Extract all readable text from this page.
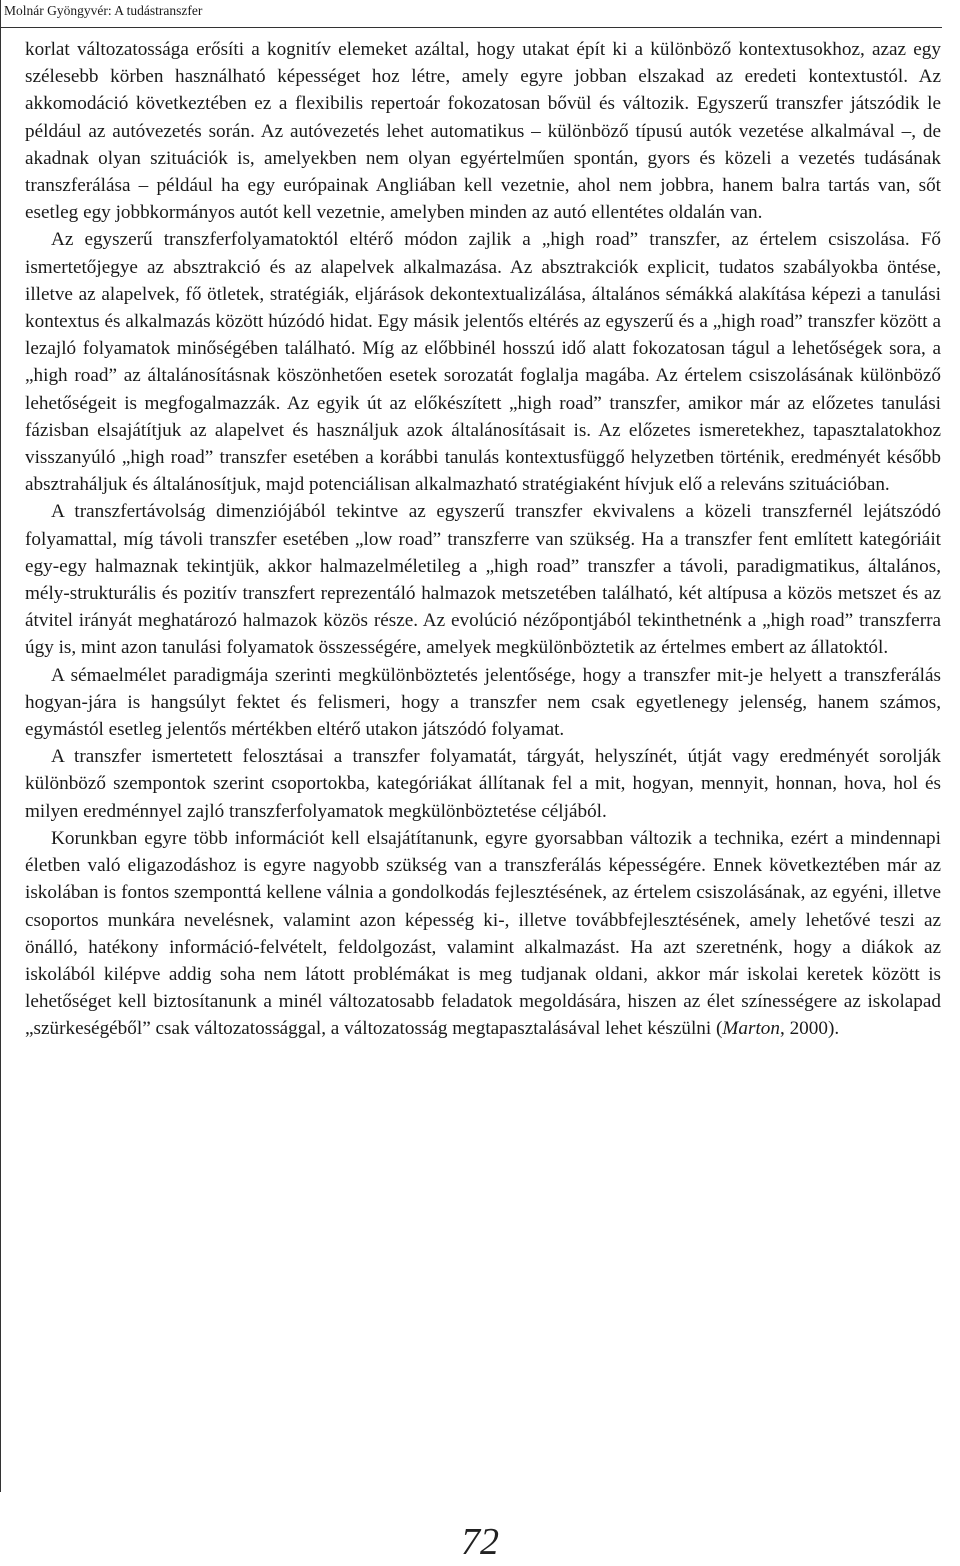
Molnár Gyöngyvér: A tudástranszfer

korlat változatossága erősíti a kognitív elemeket azáltal, hogy utakat épít ki a különböző kontextusokhoz, azaz egy szélesebb körben használható képességet hoz létre, amely egyre jobban elszakad az eredeti kontextustól. Az akkomodáció következtében ez a flexibilis repertoár fokozatosan bővül és változik. Egyszerű transzfer játszódik le például az autóvezetés során. Az autóvezetés lehet automatikus – különböző típusú autók vezetése alkalmával –, de akadnak olyan szituációk is, amelyekben nem olyan egyértelműen spontán, gyors és közeli a vezetés tudásának transzferálása – például ha egy európainak Angliában kell vezetnie, ahol nem jobbra, hanem balra tartás van, sőt esetleg egy jobbkormányos autót kell vezetnie, amelyben minden az autó ellentétes oldalán van.

Az egyszerű transzferfolyamatoktól eltérő módon zajlik a „high road” transzfer, az értelem csiszolása. Fő ismertetőjegye az absztrakció és az alapelvek alkalmazása. Az absztrakciók explicit, tudatos szabályokba öntése, illetve az alapelvek, fő ötletek, stratégiák, eljárások dekontextualizálása, általános sémákká alakítása képezi a tanulási kontextus és alkalmazás között húzódó hidat. Egy másik jelentős eltérés az egyszerű és a „high road” transzfer között a lezajló folyamatok minőségében található. Míg az előbbinél hosszú idő alatt fokozatosan tágul a lehetőségek sora, a „high road” az általánosításnak köszönhetően esetek sorozatát foglalja magába. Az értelem csiszolásának különböző lehetőségeit is megfogalmazzák. Az egyik út az előkészített „high road” transzfer, amikor már az előzetes tanulási fázisban elsajátítjuk az alapelvet és használjuk azok általánosításait is. Az előzetes ismeretekhez, tapasztalatokhoz visszanyúló „high road” transzfer esetében a korábbi tanulás kontextusfüggő helyzetben történik, eredményét később absztraháljuk és általánosítjuk, majd potenciálisan alkalmazható stratégiaként hívjuk elő a releváns szituációban.

A transzfertávolság dimenziójából tekintve az egyszerű transzfer ekvivalens a közeli transzfernél lejátszódó folyamattal, míg távoli transzfer esetében „low road” transzferre van szükség. Ha a transzfer fent említett kategóriáit egy-egy halmaznak tekintjük, akkor halmazelméletileg a „high road” transzfer a távoli, paradigmatikus, általános, mély-strukturális és pozitív transzfert reprezentáló halmazok metszetében található, két altípusa a közös metszet és az átvitel irányát meghatározó halmazok közös része. Az evolúció nézőpontjából tekinthetnénk a „high road” transzferra úgy is, mint azon tanulási folyamatok összességére, amelyek megkülönböztetik az értelmes embert az állatoktól.

A sémaelmélet paradigmája szerinti megkülönböztetés jelentősége, hogy a transzfer mit-je helyett a transzferálás hogyan-jára is hangsúlyt fektet és felismeri, hogy a transzfer nem csak egyetlenegy jelenség, hanem számos, egymástól esetleg jelentős mértékben eltérő utakon játszódó folyamat.

A transzfer ismertetett felosztásai a transzfer folyamatát, tárgyát, helyszínét, útját vagy eredményét sorolják különböző szempontok szerint csoportokba, kategóriákat állítanak fel a mit, hogyan, mennyit, honnan, hova, hol és milyen eredménnyel zajló transzferfolyamatok megkülönböztetése céljából.

Korunkban egyre több információt kell elsajátítanunk, egyre gyorsabban változik a technika, ezért a mindennapi életben való eligazodáshoz is egyre nagyobb szükség van a transzferálás képességére. Ennek következtében már az iskolában is fontos szemponttá kellene válnia a gondolkodás fejlesztésének, az értelem csiszolásának, az egyéni, illetve csoportos munkára nevelésnek, valamint azon képesség ki-, illetve továbbfejlesztésének, amely lehetővé teszi az önálló, hatékony információ-felvételt, feldolgozást, valamint alkalmazást. Ha azt szeretnénk, hogy a diákok az iskolából kilépve addig soha nem látott problémákat is meg tudjanak oldani, akkor már iskolai keretek között is lehetőséget kell biztosítanunk a minél változatosabb feladatok megoldására, hiszen az élet színességere az iskolapad „szürkeségéből” csak változatossággal, a változatosság megtapasztalásával lehet készülni (Marton, 2000).

72
